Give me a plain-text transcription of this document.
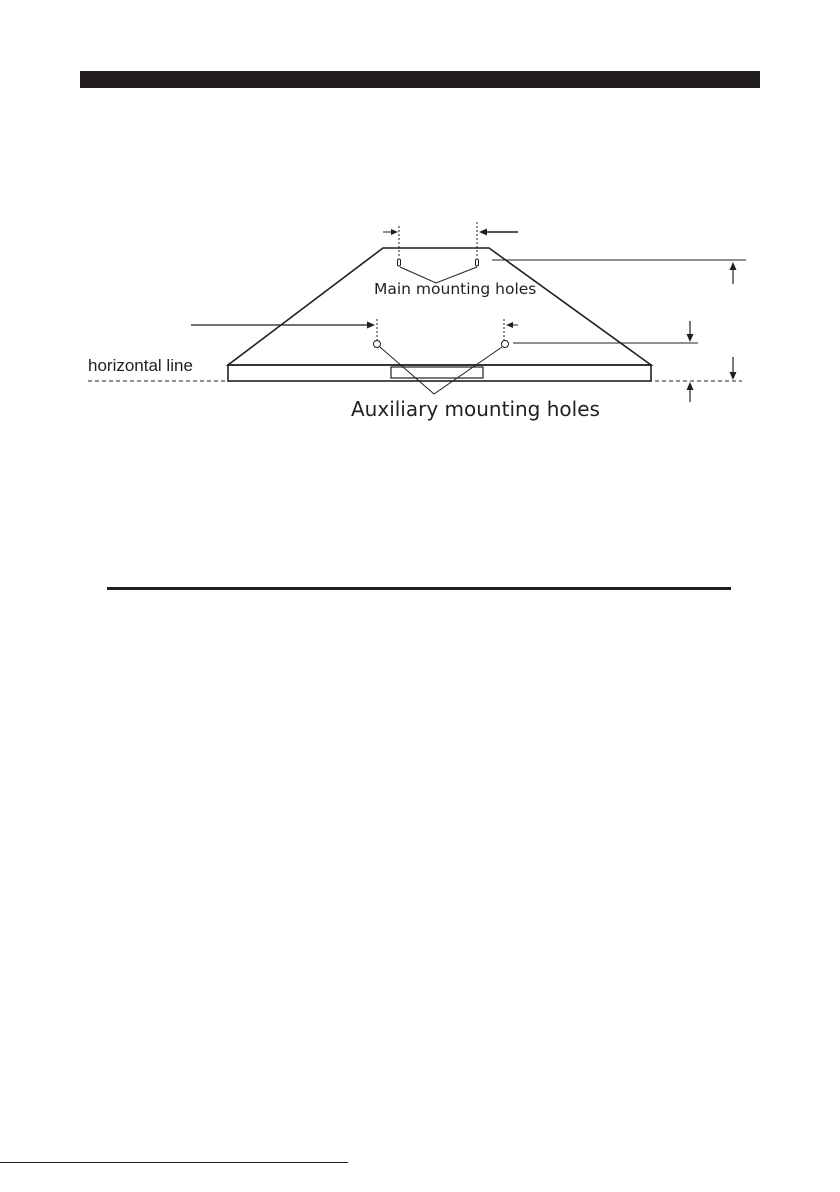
Main mounting holes
horizontal line
Auxiliary mounting holes
